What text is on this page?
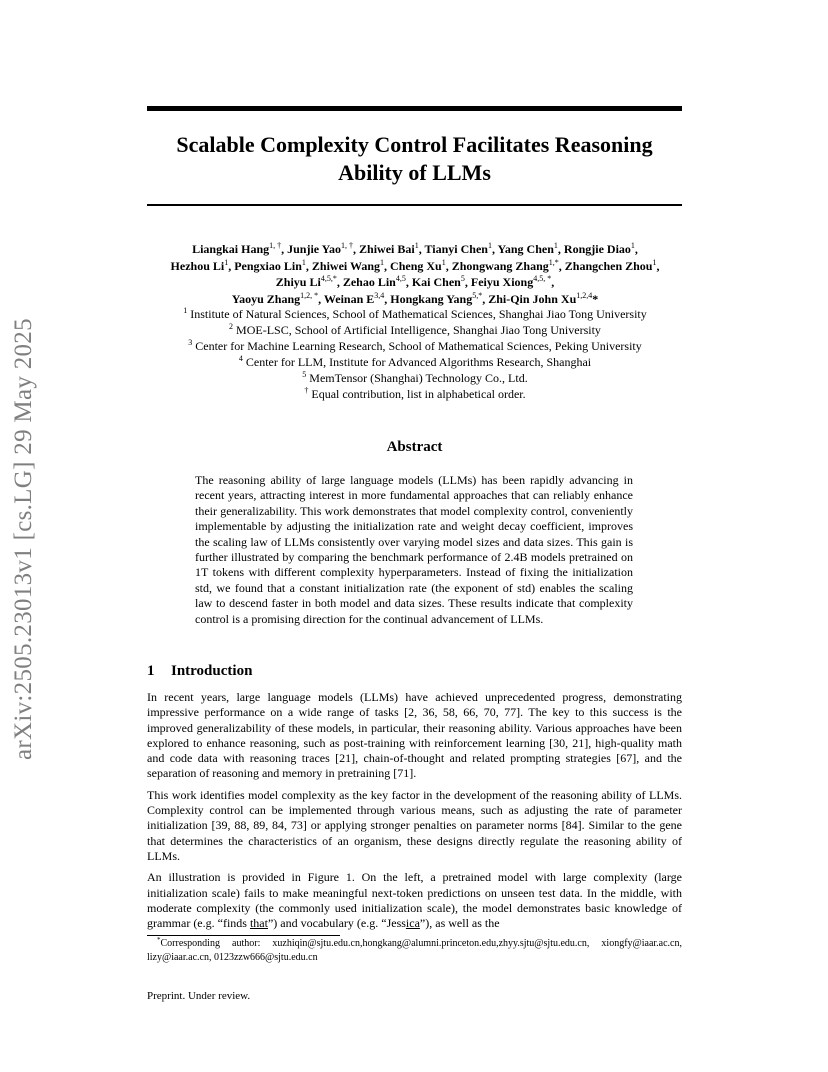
arXiv:2505.23013v1 [cs.LG] 29 May 2025
Scalable Complexity Control Facilitates Reasoning
Ability of LLMs
Liangkai Hang$^{1, \dagger}$, Junjie Yao$^{1, \dagger}$, Zhiwei Bai$^1$, Tianyi Chen$^1$, Yang Chen$^1$, Rongjie Diao$^1$,
Hezhou Li$^1$, Pengxiao Lin$^1$, Zhiwei Wang$^1$, Cheng Xu$^1$, Zhongwang Zhang$^{1,*}$, Zhangchen Zhou$^1$,
Zhiyu $Li^{4,5,*}$, Zehao Lin$^{4,5}$, Kai Chen$^5$, Feiyu Xiong$^{4,5, *}$,
Yaoyu Zhang$^{1,2, *}$, Weinan E$^{3,4}$, Hongkang Yang$^{5,*}$, Zhi-Qin John Xu$^{1,2,4}$*
$^1$ Institute of Natural Sciences, School of Mathematical Sciences, Shanghai Jiao Tong University
$^2$ MOE-LSC, School of Artificial Intelligence, Shanghai Jiao Tong University
$^3$ Center for Machine Learning Research, School of Mathematical Sciences, Peking University
$^4$ Center for LLM, Institute for Advanced Algorithms Research, Shanghai
$^5$ MemTensor (Shanghai) Technology Co., Ltd.
† Equal contribution, list in alphabetical order.
Abstract
The reasoning ability of large language models (LLMs) has been rapidly advancing in recent years, attracting interest in more fundamental approaches that can reliably enhance their generalizability. This work demonstrates that model complexity control, conveniently implementable by adjusting the initialization rate and weight decay coefficient, improves the scaling law of LLMs consistently over varying model sizes and data sizes. This gain is further illustrated by comparing the benchmark performance of 2.4B models pretrained on 1T tokens with different complexity hyperparameters. Instead of fixing the initialization std, we found that a constant initialization rate (the exponent of std) enables the scaling law to descend faster in both model and data sizes. These results indicate that complexity control is a promising direction for the continual advancement of LLMs.
1 Introduction

In recent years, large language models (LLMs) have achieved unprecedented progress, demonstrating impressive performance on a wide range of tasks [2, 36, 58, 66, 70, 77]. The key to this success is the improved generalizability of these models, in particular, their reasoning ability. Various approaches have been explored to enhance reasoning, such as post-training with reinforcement learning [30, 21], high-quality math and code data with reasoning traces [21], chain-of-thought and related prompting strategies [67], and the separation of reasoning and memory in pretraining [71].

This work identifies model complexity as the key factor in the development of the reasoning ability of LLMs. Complexity control can be implemented through various means, such as adjusting the rate of parameter initialization [39, 88, 89, 84, 73] or applying stronger penalties on parameter norms [84]. Similar to the gene that determines the characteristics of an organism, these designs directly regulate the reasoning ability of LLMs.

An illustration is provided in Figure 1. On the left, a pretrained model with large complexity (large initialization scale) fails to make meaningful next-token predictions on unseen test data. In the middle, with moderate complexity (the commonly used initialization scale), the model demonstrates basic knowledge of grammar (e.g. “finds that”) and vocabulary (e.g. “Jessica”), as well as the

*Corresponding author: xuzhiqin@sjtu.edu.cn,hongkang@alumni.princeton.edu,zhyy.sjtu@sjtu.edu.cn, xiongfy@iaar.ac.cn, lizy@iaar.ac.cn, 0123zzw666@sjtu.edu.cn
Preprint. Under review.
